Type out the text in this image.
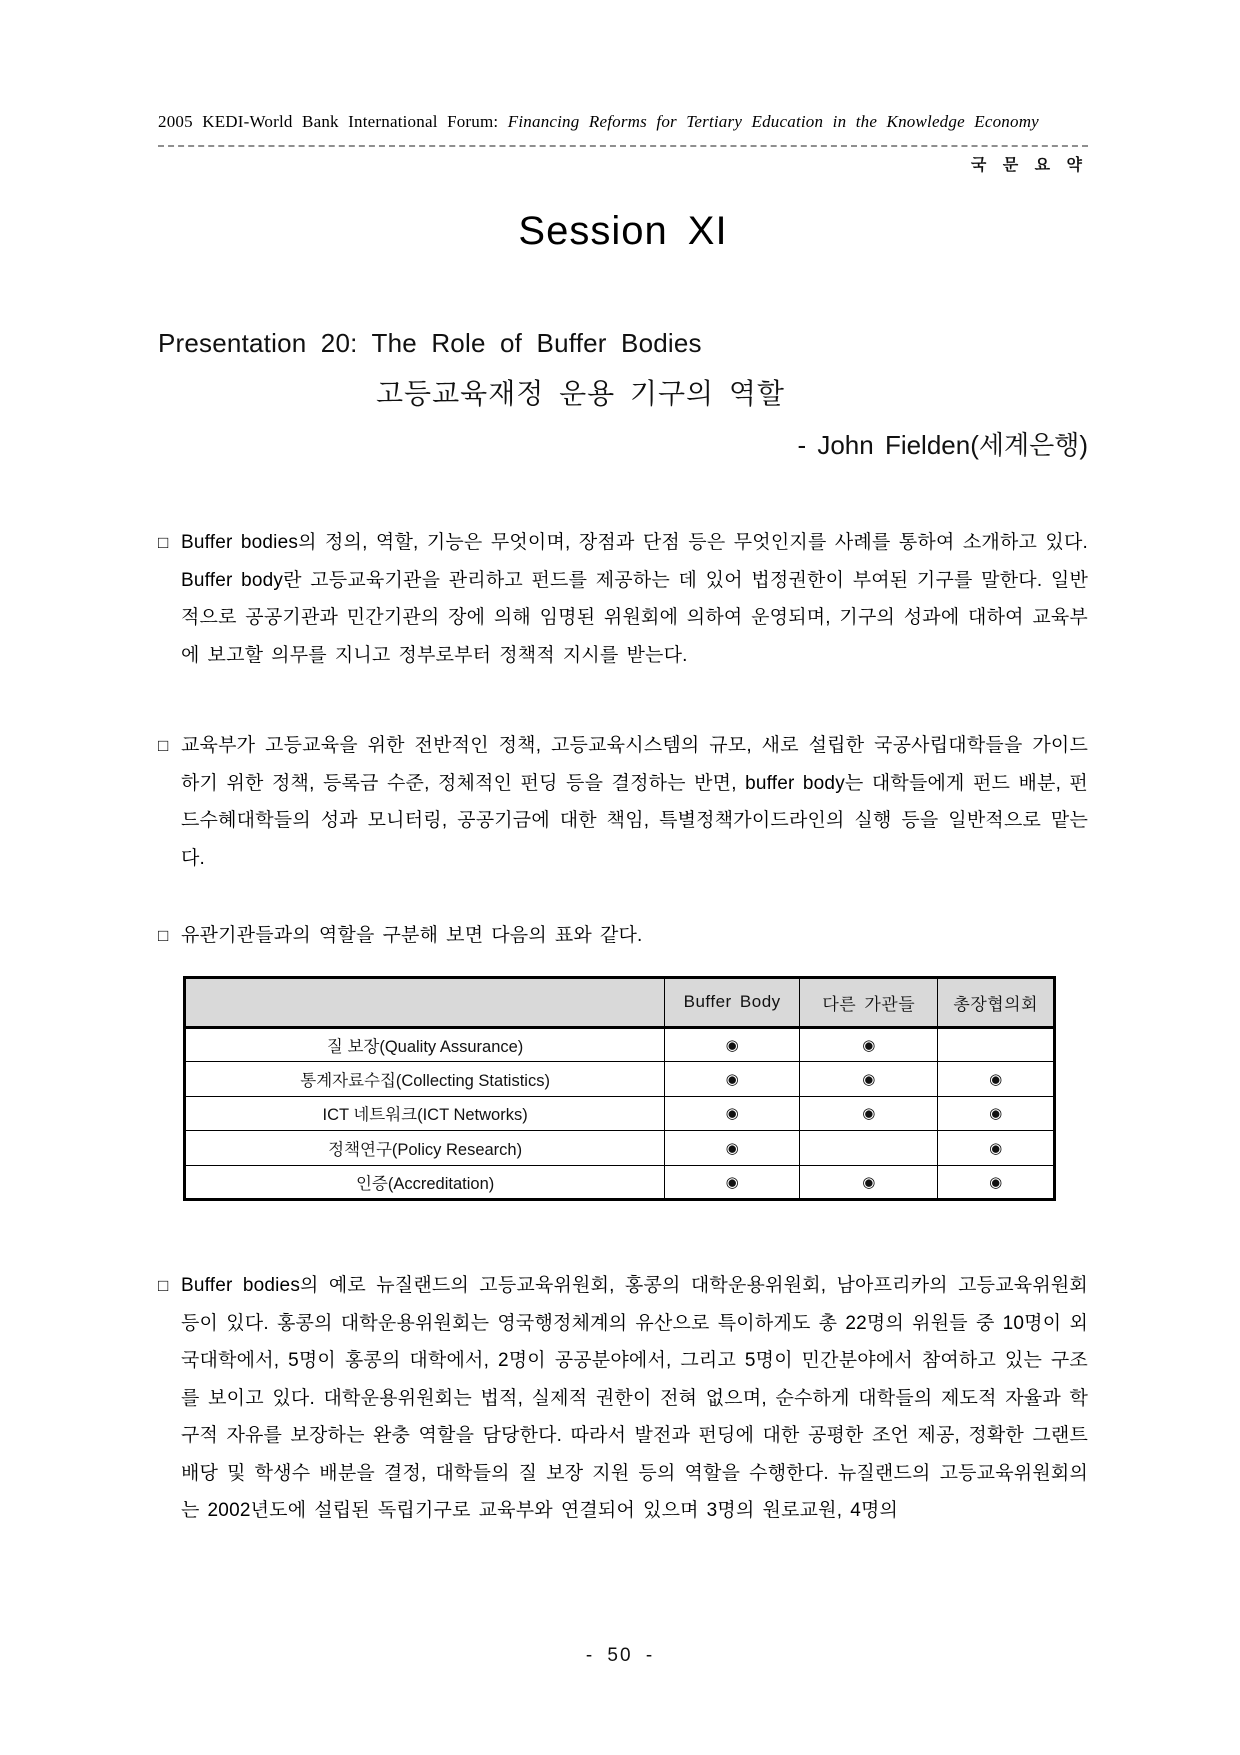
2005 KEDI-World Bank International Forum: Financing Reforms for Tertiary Education in the Knowledge Economy
국 문 요 약
Session XI
Presentation 20: The Role of Buffer Bodies
고등교육재정 운용 기구의 역할
- John Fielden(세계은행)
□ Buffer bodies의 정의, 역할, 기능은 무엇이며, 장점과 단점 등은 무엇인지를 사례를 통하여 소개하고 있다. Buffer body란 고등교육기관을 관리하고 펀드를 제공하는 데 있어 법정권한이 부여된 기구를 말한다. 일반적으로 공공기관과 민간기관의 장에 의해 임명된 위원회에 의하여 운영되며, 기구의 성과에 대하여 교육부에 보고할 의무를 지니고 정부로부터 정책적 지시를 받는다.
□ 교육부가 고등교육을 위한 전반적인 정책, 고등교육시스템의 규모, 새로 설립한 국공사립대학들을 가이드하기 위한 정책, 등록금 수준, 정체적인 펀딩 등을 결정하는 반면, buffer body는 대학들에게 펀드 배분, 펀드수혜대학들의 성과 모니터링, 공공기금에 대한 책임, 특별정책가이드라인의 실행 등을 일반적으로 맡는다.
□ 유관기관들과의 역할을 구분해 보면 다음의 표와 같다.
	Buffer Body	다른 가관들	총장협의회
질 보장(Quality Assurance)	◉	◉	
통계자료수집(Collecting Statistics)	◉	◉	◉
ICT 네트워크(ICT Networks)	◉	◉	◉
정책연구(Policy Research)	◉		◉
인증(Accreditation)	◉	◉	◉
□ Buffer bodies의 예로 뉴질랜드의 고등교육위원회, 홍콩의 대학운용위원회, 남아프리카의 고등교육위원회 등이 있다. 홍콩의 대학운용위원회는 영국행정체계의 유산으로 특이하게도 총 22명의 위원들 중 10명이 외국대학에서, 5명이 홍콩의 대학에서, 2명이 공공분야에서, 그리고 5명이 민간분야에서 참여하고 있는 구조를 보이고 있다. 대학운용위원회는 법적, 실제적 권한이 전혀 없으며, 순수하게 대학들의 제도적 자율과 학구적 자유를 보장하는 완충 역할을 담당한다. 따라서 발전과 펀딩에 대한 공평한 조언 제공, 정확한 그랜트 배당 및 학생수 배분을 결정, 대학들의 질 보장 지원 등의 역할을 수행한다. 뉴질랜드의 고등교육위원회의는 2002년도에 설립된 독립기구로 교육부와 연결되어 있으며 3명의 원로교원, 4명의
- 50 -
